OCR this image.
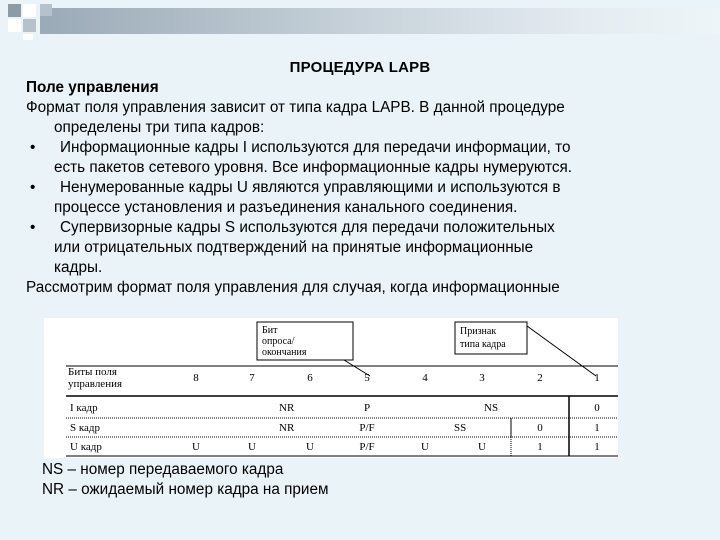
ПРОЦЕДУРА LAPB
Поле управления
Формат поля управления зависит от типа кадра LAPB. В данной процедуре
определены три типа кадров:
• Информационные кадры I используются для передачи информации, то
есть пакетов сетевого уровня. Все информационные кадры нумеруются.
• Ненумерованные кадры U являются управляющими и используются в
процессе установления и разъединения канального соединения.
• Супервизорные кадры S используются для передачи положительных
или отрицательных подтверждений на принятые информационные
кадры.
Рассмотрим формат поля управления для случая, когда информационные
Бит
опроса/
окончания
Признак
типа кадра
Биты поля
управления	8	7	6	5	4	3	2	1
I кадр	NR	P	NS	0
S кадр	NR	P/F	SS	0	1
U кадр	U	U	U	P/F	U	U	1	1
NS – номер передаваемого кадра
NR – ожидаемый номер кадра на прием
